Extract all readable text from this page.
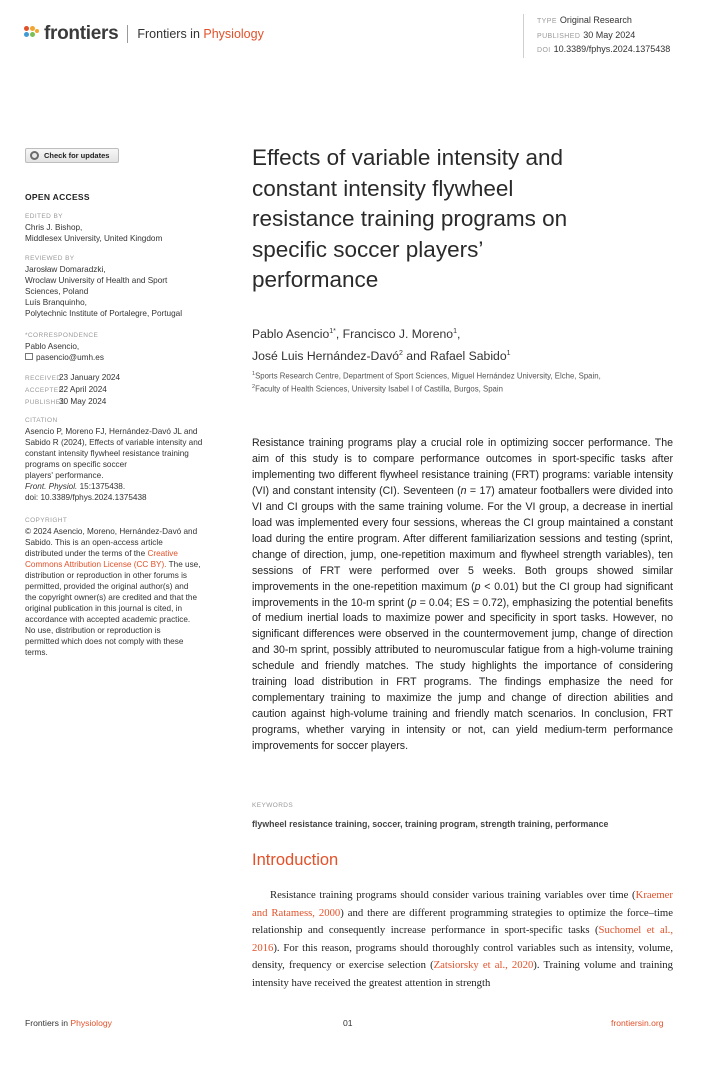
frontiers Frontiers in Physiology
TYPE Original Research
PUBLISHED 30 May 2024
DOI 10.3389/fphys.2024.1375438
Check for updates
OPEN ACCESS
EDITED BY
Chris J. Bishop,
Middlesex University, United Kingdom
REVIEWED BY
Jarosław Domaradzki,
Wroclaw University of Health and Sport
Sciences, Poland
Luís Branquinho,
Polytechnic Institute of Portalegre, Portugal
*CORRESPONDENCE
Pablo Asencio,
pasencio@umh.es
RECEIVED23 January 2024
ACCEPTED22 April 2024
PUBLISHED30 May 2024
CITATION
Asencio P, Moreno FJ, Hernández-Davó JL and
Sabido R (2024), Effects of variable intensity and
constant intensity flywheel resistance training
programs on specific soccer
players' performance.
Front. Physiol. 15:1375438.
doi: 10.3389/fphys.2024.1375438
COPYRIGHT
© 2024 Asencio, Moreno, Hernández-Davó and
Sabido. This is an open-access article
distributed under the terms of the Creative
Commons Attribution License (CC BY). The use,
distribution or reproduction in other forums is
permitted, provided the original author(s) and
the copyright owner(s) are credited and that the
original publication in this journal is cited, in
accordance with accepted academic practice.
No use, distribution or reproduction is
permitted which does not comply with these
terms.
Effects of variable intensity and
constant intensity flywheel
resistance training programs on
specific soccer players’
performance
Pablo Asencio$^{1*}$, Francisco J. Moreno$^1$,
José Luis Hernández-Davó$^2$ and Rafael Sabido$^1$
$^1$Sports Research Centre, Department of Sport Sciences, Miguel Hernández University, Elche, Spain,
$^2$Faculty of Health Sciences, University Isabel I of Castilla, Burgos, Spain
Resistance training programs play a crucial role in optimizing soccer performance. The aim of this study is to compare performance outcomes in sport-specific tasks after implementing two different flywheel resistance training (FRT) programs: variable intensity (VI) and constant intensity (CI). Seventeen (n = 17) amateur footballers were divided into VI and CI groups with the same training volume. For the VI group, a decrease in inertial load was implemented every four sessions, whereas the CI group maintained a constant load during the entire program. After different familiarization sessions and testing (sprint, change of direction, jump, one-repetition maximum and flywheel strength variables), ten sessions of FRT were performed over 5 weeks. Both groups showed similar improvements in the one-repetition maximum (p < 0.01) but the CI group had significant improvements in the 10-m sprint (p = 0.04; ES = 0.72), emphasizing the potential benefits of medium inertial loads to maximize power and specificity in sport tasks. However, no significant differences were observed in the countermovement jump, change of direction and 30-m sprint, possibly attributed to neuromuscular fatigue from a high-volume training schedule and friendly matches. The study highlights the importance of considering training load distribution in FRT programs. The findings emphasize the need for complementary training to maximize the jump and change of direction abilities and caution against high-volume training and friendly match scenarios. In conclusion, FRT programs, whether varying in intensity or not, can yield medium-term performance improvements for soccer players.
KEYWORDS
flywheel resistance training, soccer, training program, strength training, performance
Introduction
Resistance training programs should consider various training variables over time (Kraemer and Ratamess, 2000) and there are different programming strategies to optimize the force–time relationship and consequently increase performance in sport-specific tasks (Suchomel et al., 2016). For this reason, programs should thoroughly control variables such as intensity, volume, density, frequency or exercise selection (Zatsiorsky et al., 2020). Training volume and training intensity have received the greatest attention in strength
Frontiers in Physiology	01	frontiersin.org
